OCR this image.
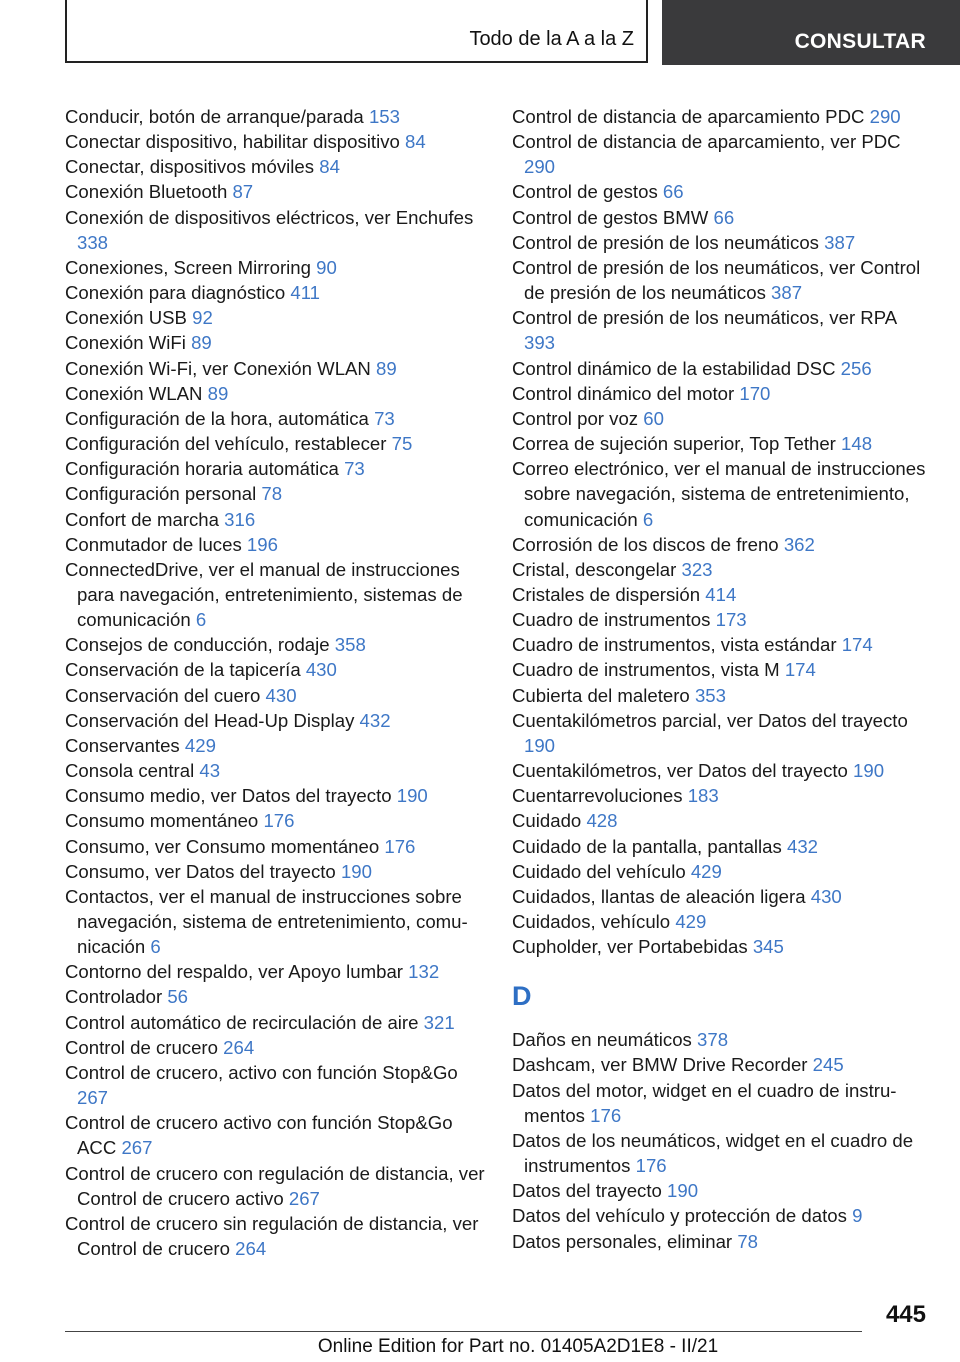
Todo de la A a la Z	CONSULTAR

Conducir, botón de arranque/parada 153

Conectar dispositivo, habilitar dispositivo 84

Conectar, dispositivos móviles 84

Conexión Bluetooth 87

Conexión de dispositivos eléctricos, ver Enchufes 338

Conexiones, Screen Mirroring 90

Conexión para diagnóstico 411

Conexión USB 92

Conexión WiFi 89

Conexión Wi-Fi, ver Conexión WLAN 89

Conexión WLAN 89

Configuración de la hora, automática 73

Configuración del vehículo, restablecer 75

Configuración horaria automática 73

Configuración personal 78

Confort de marcha 316

Conmutador de luces 196

ConnectedDrive, ver el manual de instrucciones para navegación, entretenimiento, sistemas de comunicación 6

Consejos de conducción, rodaje 358

Conservación de la tapicería 430

Conservación del cuero 430

Conservación del Head-Up Display 432

Conservantes 429

Consola central 43

Consumo medio, ver Datos del trayecto 190

Consumo momentáneo 176

Consumo, ver Consumo momentáneo 176

Consumo, ver Datos del trayecto 190

Contactos, ver el manual de instrucciones sobre navegación, sistema de entretenimiento, comunicación 6

Contorno del respaldo, ver Apoyo lumbar 132

Controlador 56

Control automático de recirculación de aire 321

Control de crucero 264

Control de crucero, activo con función Stop&Go 267

Control de crucero activo con función Stop&Go ACC 267

Control de crucero con regulación de distancia, ver Control de crucero activo 267

Control de crucero sin regulación de distancia, ver Control de crucero 264

Control de distancia de aparcamiento PDC 290

Control de distancia de aparcamiento, ver PDC 290

Control de gestos 66

Control de gestos BMW 66

Control de presión de los neumáticos 387

Control de presión de los neumáticos, ver Control de presión de los neumáticos 387

Control de presión de los neumáticos, ver RPA 393

Control dinámico de la estabilidad DSC 256

Control dinámico del motor 170

Control por voz 60

Correa de sujeción superior, Top Tether 148

Correo electrónico, ver el manual de instrucciones sobre navegación, sistema de entretenimiento, comunicación 6

Corrosión de los discos de freno 362

Cristal, descongelar 323

Cristales de dispersión 414

Cuadro de instrumentos 173

Cuadro de instrumentos, vista estándar 174

Cuadro de instrumentos, vista M 174

Cubierta del maletero 353

Cuentakilómetros parcial, ver Datos del trayecto 190

Cuentakilómetros, ver Datos del trayecto 190

Cuentarrevoluciones 183

Cuidado 428

Cuidado de la pantalla, pantallas 432

Cuidado del vehículo 429

Cuidados, llantas de aleación ligera 430

Cuidados, vehículo 429

Cupholder, ver Portabebidas 345

D

Daños en neumáticos 378

Dashcam, ver BMW Drive Recorder 245

Datos del motor, widget en el cuadro de instrumentos 176

Datos de los neumáticos, widget en el cuadro de instrumentos 176

Datos del trayecto 190

Datos del vehículo y protección de datos 9

Datos personales, eliminar 78

445
Online Edition for Part no. 01405A2D1E8 - II/21
